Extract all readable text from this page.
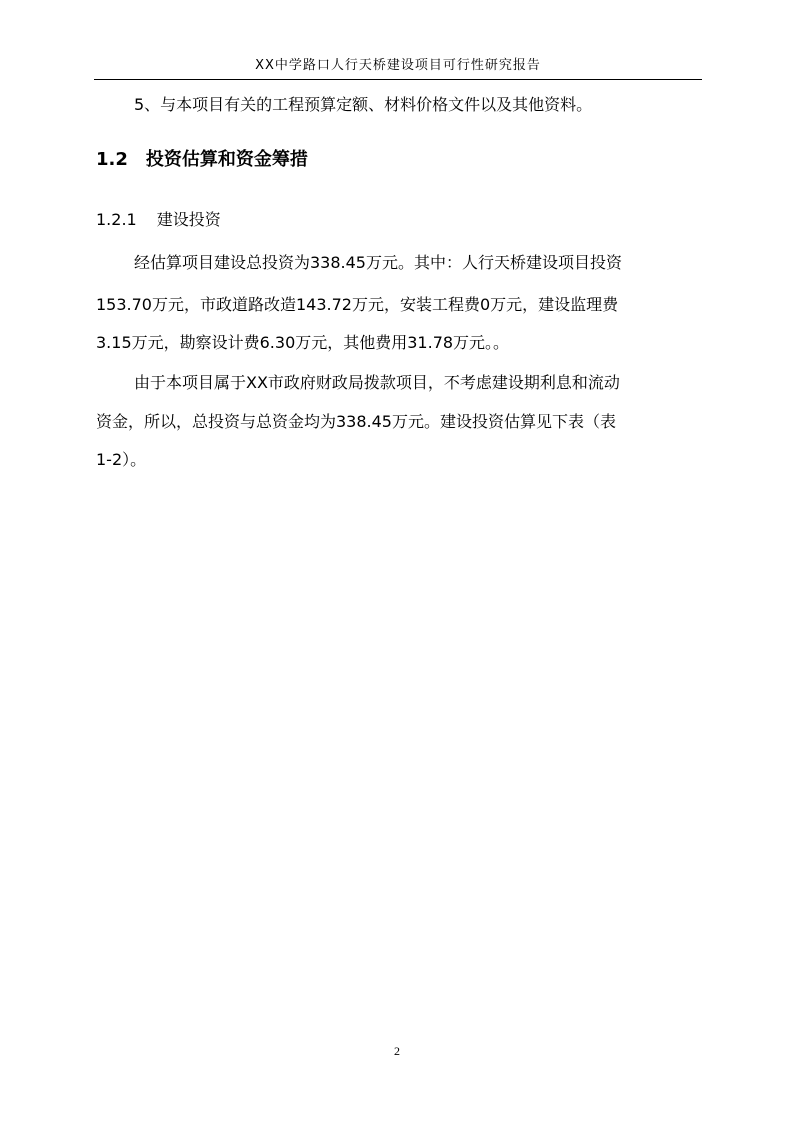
XX中学路口人行天桥建设项目可行性研究报告
5、与本项目有关的工程预算定额、材料价格文件以及其他资料。
1.2 投资估算和资金筹措
1.2.1 建设投资
经估算项目建设总投资为338.45万元。其中：人行天桥建设项目投资
153.70万元，市政道路改造143.72万元，安装工程费0万元，建设监理费
3.15万元，勘察设计费6.30万元，其他费用31.78万元。。
由于本项目属于XX市政府财政局拨款项目，不考虑建设期利息和流动
资金，所以，总投资与总资金均为338.45万元。建设投资估算见下表（表
1-2）。
2
